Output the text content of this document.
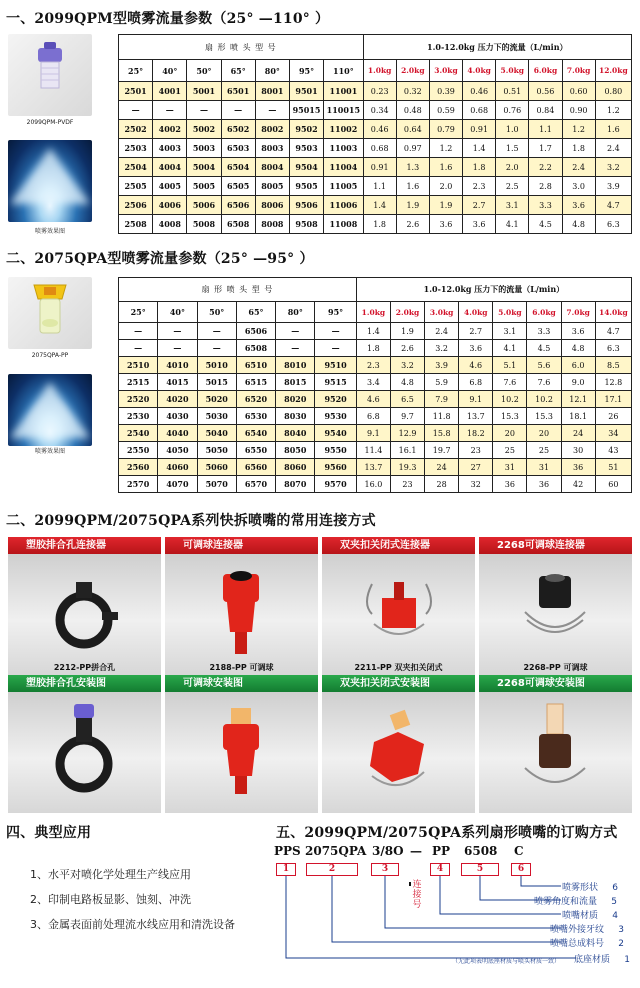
一、2099QPM型喷雾流量参数（25° —110° ）
2099QPM-PVDF
喷雾效果图
扇 形 喷 头 型 号							1.0-12.0kg 压力下的流量（L/min）							
25°	40°	50°	65°	80°	95°	110°	1.0kg	2.0kg	3.0kg	4.0kg	5.0kg	6.0kg	7.0kg	12.0kg
2501	4001	5001	6501	8001	9501	11001	0.23	0.32	0.39	0.46	0.51	0.56	0.60	0.80
—	—	—	—	—	95015	110015	0.34	0.48	0.59	0.68	0.76	0.84	0.90	1.2
2502	4002	5002	6502	8002	9502	11002	0.46	0.64	0.79	0.91	1.0	1.1	1.2	1.6
2503	4003	5003	6503	8003	9503	11003	0.68	0.97	1.2	1.4	1.5	1.7	1.8	2.4
2504	4004	5004	6504	8004	9504	11004	0.91	1.3	1.6	1.8	2.0	2.2	2.4	3.2
2505	4005	5005	6505	8005	9505	11005	1.1	1.6	2.0	2.3	2.5	2.8	3.0	3.9
2506	4006	5006	6506	8006	9506	11006	1.4	1.9	1.9	2.7	3.1	3.3	3.6	4.7
2508	4008	5008	6508	8008	9508	11008	1.8	2.6	3.6	3.6	4.1	4.5	4.8	6.3
二、2075QPA型喷雾流量参数（25° —95° ）
2075QPA-PP
喷雾效果图
扇 形 喷 头 型 号						1.0-12.0kg 压力下的流量（L/min）							
25°	40°	50°	65°	80°	95°	1.0kg	2.0kg	3.0kg	4.0kg	5.0kg	6.0kg	7.0kg	14.0kg
—	—	—	6506	—	—	1.4	1.9	2.4	2.7	3.1	3.3	3.6	4.7
—	—	—	6508	—	—	1.8	2.6	3.2	3.6	4.1	4.5	4.8	6.3
2510	4010	5010	6510	8010	9510	2.3	3.2	3.9	4.6	5.1	5.6	6.0	8.5
2515	4015	5015	6515	8015	9515	3.4	4.8	5.9	6.8	7.6	7.6	9.0	12.8
2520	4020	5020	6520	8020	9520	4.6	6.5	7.9	9.1	10.2	10.2	12.1	17.1
2530	4030	5030	6530	8030	9530	6.8	9.7	11.8	13.7	15.3	15.3	18.1	26
2540	4040	5040	6540	8040	9540	9.1	12.9	15.8	18.2	20	20	24	34
2550	4050	5050	6550	8050	9550	11.4	16.1	19.7	23	25	25	30	43
2560	4060	5060	6560	8060	9560	13.7	19.3	24	27	31	31	36	51
2570	4070	5070	6570	8070	9570	16.0	23	28	32	36	36	42	60
二、2099QPM/2075QPA系列快拆喷嘴的常用连接方式
塑胶排合孔连接器	可调球连接器	双夹扣关闭式连接器	2268可调球连接器
2212-PP拼合孔	2188-PP 可调球	2211-PP 双夹扣关闭式	2268-PP 可调球
塑胶排合孔安装图	可调球安装图	双夹扣关闭式安装图	2268可调球安装图
四、典型应用
1、水平对喷化学处理生产线应用
2、印制电路板显影、蚀刻、冲洗
3、金属表面前处理流水线应用和清洗设备
五、2099QPM/2075QPA系列扇形喷嘴的订购方式
PPS 2075QPA 3/8O — PP 6508 C
1	2	3	4	5	6
连接号
喷雾形状 6
喷雾角度和流量 5
喷嘴材质 4
喷嘴外接牙纹 3
喷嘴总成料号 2
底座材质 1
（无此项表明底座材质与喷头材质一致）
